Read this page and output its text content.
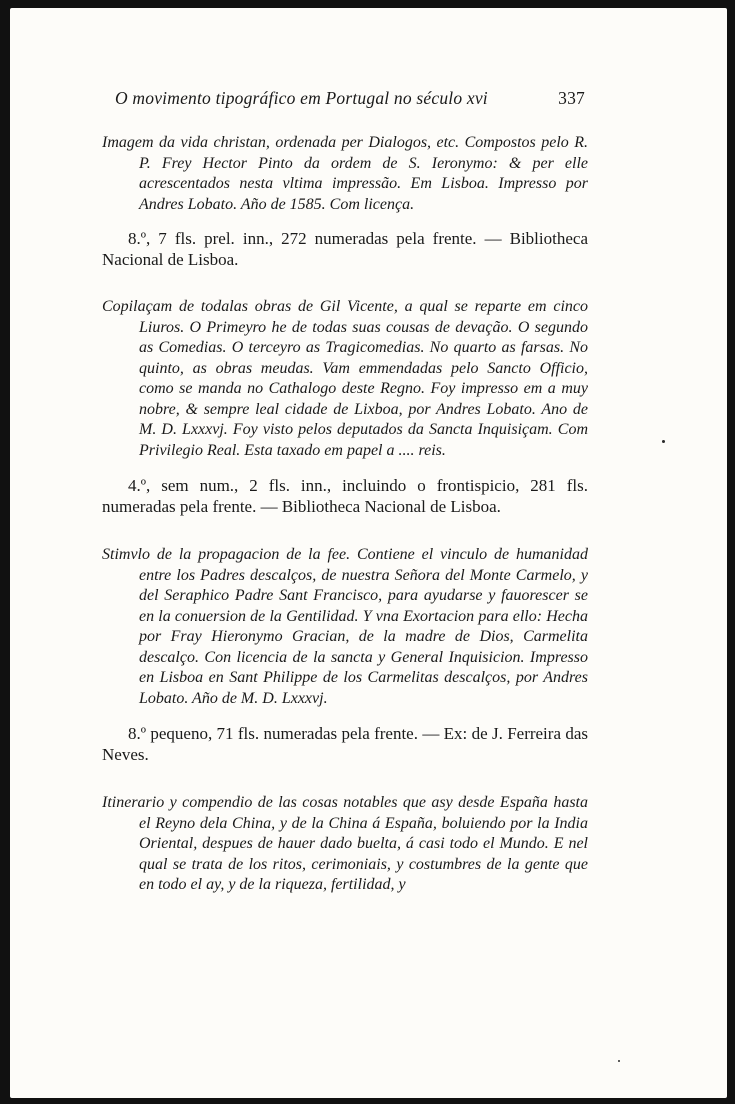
O movimento tipográfico em Portugal no século xvi	337

Imagem da vida christan, ordenada per Dialogos, etc. Compostos pelo R. P. Frey Hector Pinto da ordem de S. Ieronymo: & per elle acrescentados nesta vltima impressão. Em Lisboa. Impresso por Andres Lobato. Año de 1585. Com licença.

8.º, 7 fls. prel. inn., 272 numeradas pela frente. — Bibliotheca Nacional de Lisboa.

Copilaçam de todalas obras de Gil Vicente, a qual se reparte em cinco Liuros. O Primeyro he de todas suas cousas de devação. O segundo as Comedias. O terceyro as Tragicomedias. No quarto as farsas. No quinto, as obras meudas. Vam emmendadas pelo Sancto Officio, como se manda no Cathalogo deste Regno. Foy impresso em a muy nobre, & sempre leal cidade de Lixboa, por Andres Lobato. Ano de M. D. Lxxxvj. Foy visto pelos deputados da Sancta Inquisiçam. Com Privilegio Real. Esta taxado em papel a .... reis.

4.º, sem num., 2 fls. inn., incluindo o frontispicio, 281 fls. numeradas pela frente. — Bibliotheca Nacional de Lisboa.

Stimvlo de la propagacion de la fee. Contiene el vinculo de humanidad entre los Padres descalços, de nuestra Señora del Monte Carmelo, y del Seraphico Padre Sant Francisco, para ayudarse y fauorescer se en la conuersion de la Gentilidad. Y vna Exortacion para ello: Hecha por Fray Hieronymo Gracian, de la madre de Dios, Carmelita descalço. Con licencia de la sancta y General Inquisicion. Impresso en Lisboa en Sant Philippe de los Carmelitas descalços, por Andres Lobato. Año de M. D. Lxxxvj.

8.º pequeno, 71 fls. numeradas pela frente. — Ex: de J. Ferreira das Neves.

Itinerario y compendio de las cosas notables que asy desde España hasta el Reyno dela China, y de la China á España, boluiendo por la India Oriental, despues de hauer dado buelta, á casi todo el Mundo. E nel qual se trata de los ritos, cerimoniais, y costumbres de la gente que en todo el ay, y de la riqueza, fertilidad, y
